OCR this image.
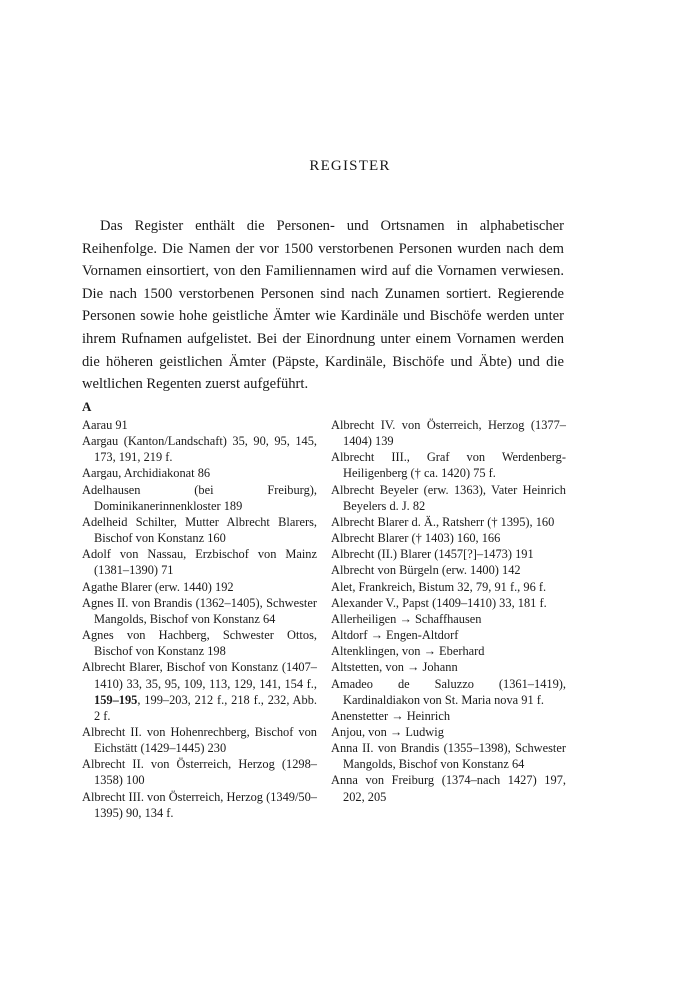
REGISTER

Das Register enthält die Personen- und Ortsnamen in alphabetischer Reihenfolge. Die Namen der vor 1500 verstorbenen Personen wurden nach dem Vornamen einsortiert, von den Familiennamen wird auf die Vornamen verwiesen. Die nach 1500 verstorbenen Personen sind nach Zunamen sortiert. Regierende Personen sowie hohe geistliche Ämter wie Kardinäle und Bischöfe werden unter ihrem Rufnamen aufgelistet. Bei der Einordnung unter einem Vornamen werden die höheren geistlichen Ämter (Päpste, Kardinäle, Bischöfe und Äbte) und die weltlichen Regenten zuerst aufgeführt.

A

Aarau 91

Aargau (Kanton/Landschaft) 35, 90, 95, 145, 173, 191, 219 f.

Aargau, Archidiakonat 86

Adelhausen (bei Freiburg), Dominikanerinnenkloster 189

Adelheid Schilter, Mutter Albrecht Blarers, Bischof von Konstanz 160

Adolf von Nassau, Erzbischof von Mainz (1381–1390) 71

Agathe Blarer (erw. 1440) 192

Agnes II. von Brandis (1362–1405), Schwester Mangolds, Bischof von Konstanz 64

Agnes von Hachberg, Schwester Ottos, Bischof von Konstanz 198

Albrecht Blarer, Bischof von Konstanz (1407–1410) 33, 35, 95, 109, 113, 129, 141, 154 f., 159–195, 199–203, 212 f., 218 f., 232, Abb. 2 f.

Albrecht II. von Hohenrechberg, Bischof von Eichstätt (1429–1445) 230

Albrecht II. von Österreich, Herzog (1298–1358) 100

Albrecht III. von Österreich, Herzog (1349/50–1395) 90, 134 f.

Albrecht IV. von Österreich, Herzog (1377–1404) 139

Albrecht III., Graf von Werdenberg-Heiligenberg († ca. 1420) 75 f.

Albrecht Beyeler (erw. 1363), Vater Heinrich Beyelers d. J. 82

Albrecht Blarer d. Ä., Ratsherr († 1395), 160

Albrecht Blarer († 1403) 160, 166

Albrecht (II.) Blarer (1457[?]–1473) 191

Albrecht von Bürgeln (erw. 1400) 142

Alet, Frankreich, Bistum 32, 79, 91 f., 96 f.

Alexander V., Papst (1409–1410) 33, 181 f.

Allerheiligen → Schaffhausen

Altdorf → Engen-Altdorf

Altenklingen, von → Eberhard

Altstetten, von → Johann

Amadeo de Saluzzo (1361–1419), Kardinaldiakon von St. Maria nova 91 f.

Anenstetter → Heinrich

Anjou, von → Ludwig

Anna II. von Brandis (1355–1398), Schwester Mangolds, Bischof von Konstanz 64

Anna von Freiburg (1374–nach 1427) 197, 202, 205
